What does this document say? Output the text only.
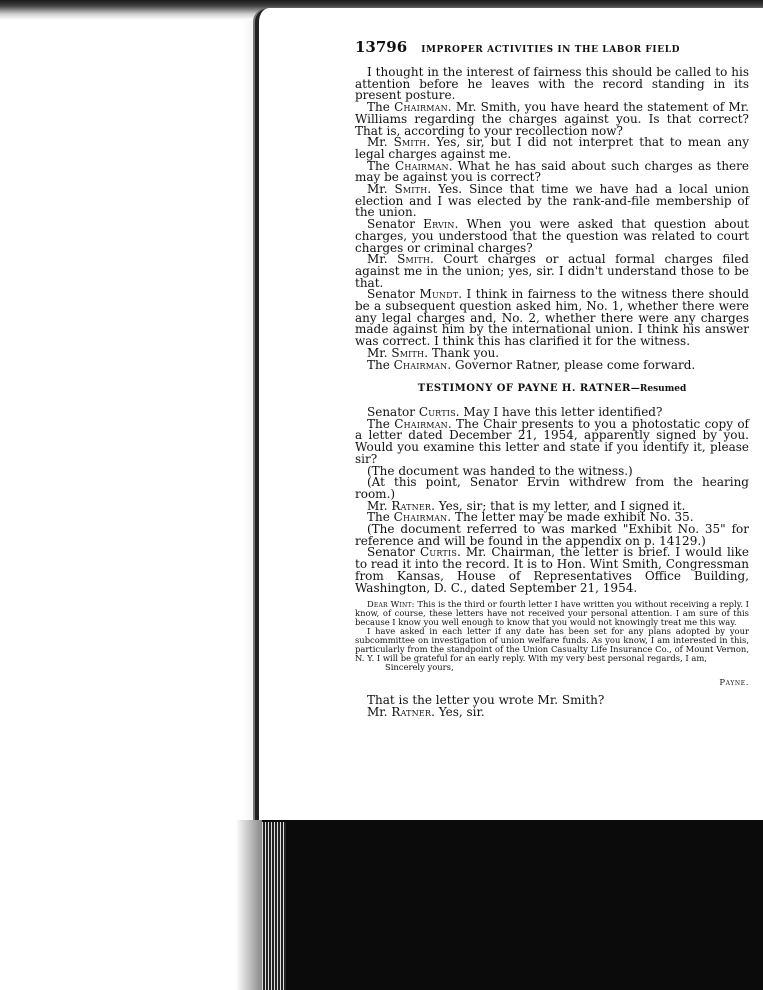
13796 IMPROPER ACTIVITIES IN THE LABOR FIELD

I thought in the interest of fairness this should be called to his attention before he leaves with the record standing in its present posture.

The Chairman. Mr. Smith, you have heard the statement of Mr. Williams regarding the charges against you. Is that correct? That is, according to your recollection now?

Mr. Smith. Yes, sir, but I did not interpret that to mean any legal charges against me.

The Chairman. What he has said about such charges as there may be against you is correct?

Mr. Smith. Yes. Since that time we have had a local union election and I was elected by the rank-and-file membership of the union.

Senator Ervin. When you were asked that question about charges, you understood that the question was related to court charges or criminal charges?

Mr. Smith. Court charges or actual formal charges filed against me in the union; yes, sir. I didn't understand those to be that.

Senator Mundt. I think in fairness to the witness there should be a subsequent question asked him, No. 1, whether there were any legal charges and, No. 2, whether there were any charges made against him by the international union. I think his answer was correct. I think this has clarified it for the witness.

Mr. Smith. Thank you.

The Chairman. Governor Ratner, please come forward.

TESTIMONY OF PAYNE H. RATNER—Resumed

Senator Curtis. May I have this letter identified?

The Chairman. The Chair presents to you a photostatic copy of a letter dated December 21, 1954, apparently signed by you. Would you examine this letter and state if you identify it, please sir?

(The document was handed to the witness.)

(At this point, Senator Ervin withdrew from the hearing room.)

Mr. Ratner. Yes, sir; that is my letter, and I signed it.

The Chairman. The letter may be made exhibit No. 35.

(The document referred to was marked "Exhibit No. 35" for reference and will be found in the appendix on p. 14129.)

Senator Curtis. Mr. Chairman, the letter is brief. I would like to read it into the record. It is to Hon. Wint Smith, Congressman from Kansas, House of Representatives Office Building, Washington, D. C., dated September 21, 1954.

Dear Wint: This is the third or fourth letter I have written you without receiving a reply. I know, of course, these letters have not received your personal attention. I am sure of this because I know you well enough to know that you would not knowingly treat me this way.

I have asked in each letter if any date has been set for any plans adopted by your subcommittee on investigation of union welfare funds. As you know, I am interested in this, particularly from the standpoint of the Union Casualty Life Insurance Co., of Mount Vernon, N. Y. I will be grateful for an early reply. With my very best personal regards, I am,

Sincerely yours,

Payne.

That is the letter you wrote Mr. Smith?

Mr. Ratner. Yes, sir.
